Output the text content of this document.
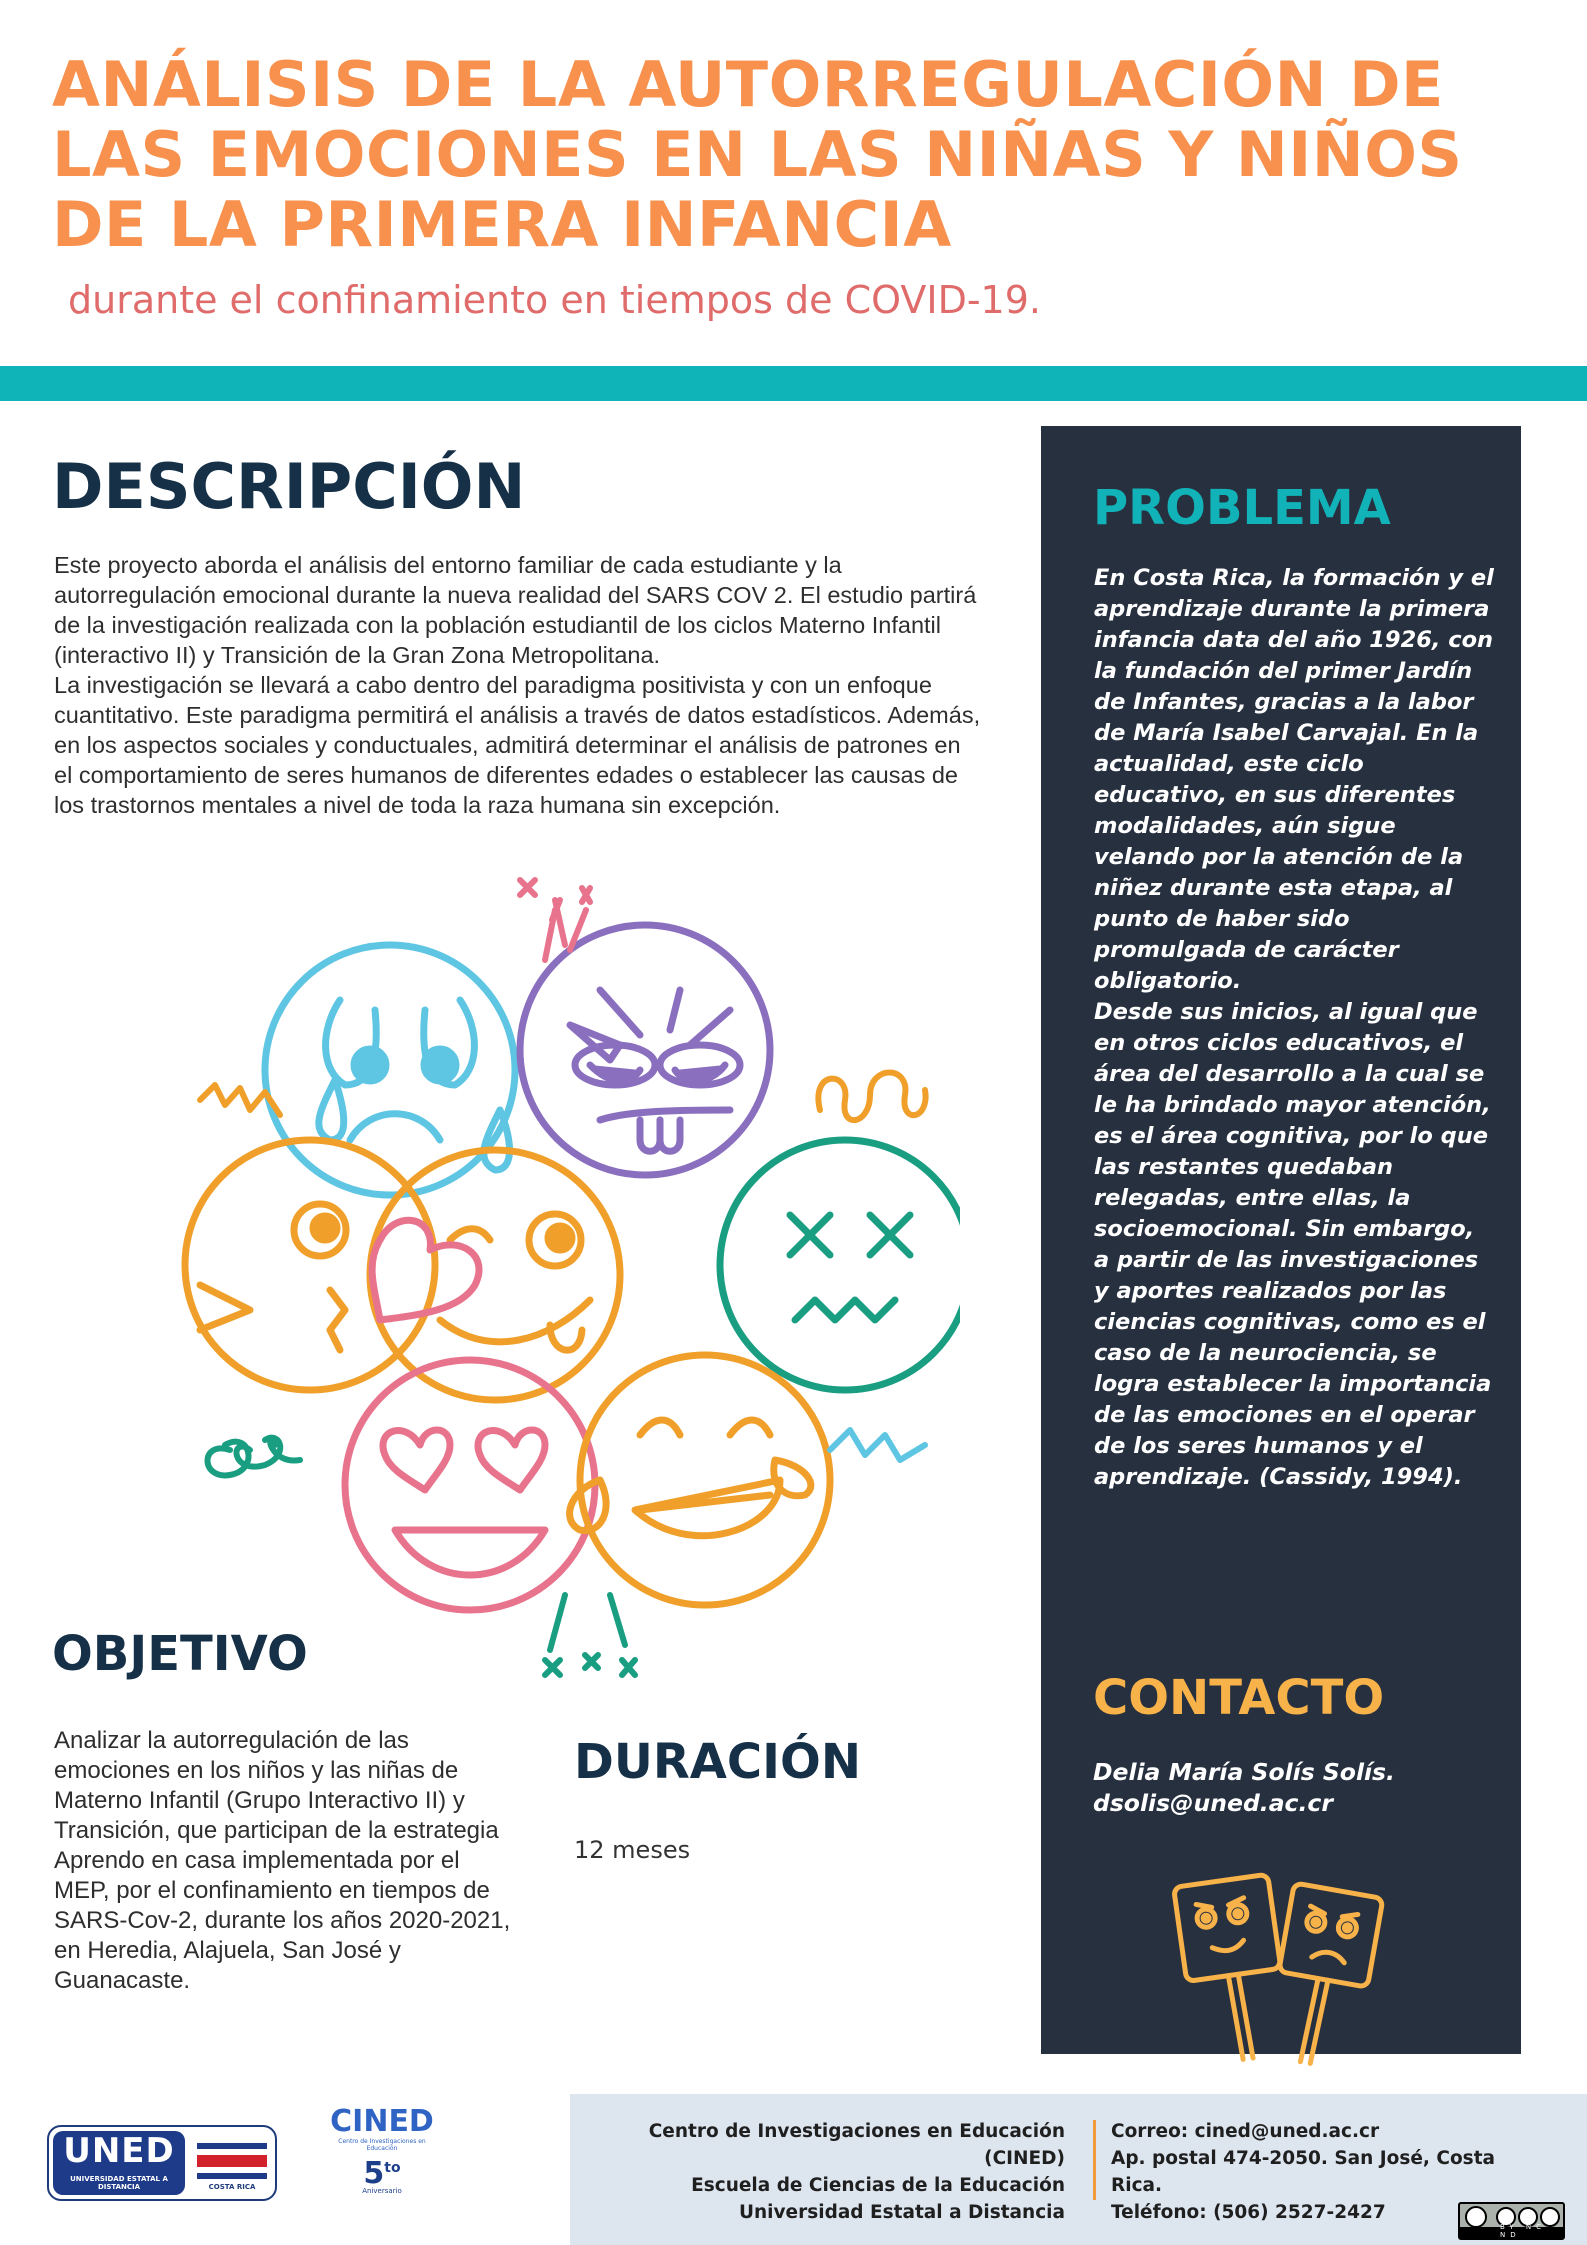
ANÁLISIS DE LA AUTORREGULACIÓN DE LAS EMOCIONES EN LAS NIÑAS Y NIÑOS DE LA PRIMERA INFANCIA
durante el confinamiento en tiempos de COVID-19.
DESCRIPCIÓN

Este proyecto aborda el análisis del entorno familiar de cada estudiante y la autorregulación emocional durante la nueva realidad del SARS COV 2. El estudio partirá de la investigación realizada con la población estudiantil de los ciclos Materno Infantil (interactivo II) y Transición de la Gran Zona Metropolitana.

La investigación se llevará a cabo dentro del paradigma positivista y con un enfoque cuantitativo. Este paradigma permitirá el análisis a través de datos estadísticos. Además, en los aspectos sociales y conductuales, admitirá determinar el análisis de patrones en el comportamiento de seres humanos de diferentes edades o establecer las causas de los trastornos mentales a nivel de toda la raza humana sin excepción.

OBJETIVO

Analizar la autorregulación de las emociones en los niños y las niñas de Materno Infantil (Grupo Interactivo II) y Transición, que participan de la estrategia Aprendo en casa implementada por el MEP, por el confinamiento en tiempos de SARS-Cov-2, durante los años 2020-2021, en Heredia, Alajuela, San José y Guanacaste.

DURACIÓN
12 meses
PROBLEMA

En Costa Rica, la formación y el aprendizaje durante la primera infancia data del año 1926, con la fundación del primer Jardín de Infantes, gracias a la labor de María Isabel Carvajal. En la actualidad, este ciclo educativo, en sus diferentes modalidades, aún sigue velando por la atención de la niñez durante esta etapa, al punto de haber sido promulgada de carácter obligatorio.

Desde sus inicios, al igual que en otros ciclos educativos, el área del desarrollo a la cual se le ha brindado mayor atención, es el área cognitiva, por lo que las restantes quedaban relegadas, entre ellas, la socioemocional. Sin embargo, a partir de las investigaciones y aportes realizados por las ciencias cognitivas, como es el caso de la neurociencia, se logra establecer la importancia de las emociones en el operar de los seres humanos y el aprendizaje. (Cassidy, 1994).

CONTACTO
Delia María Solís Solís.
dsolis@uned.ac.cr
UNED
UNIVERSIDAD ESTATAL A DISTANCIA	COSTA RICA
CINED
Centro de Investigaciones en Educación
$5^{to}$
Aniversario
Centro de Investigaciones en Educación (CINED)
Escuela de Ciencias de la Educación
Universidad Estatal a Distancia
Correo: cined@uned.ac.cr
Ap. postal 474-2050. San José, Costa Rica.
Teléfono: (506) 2527-2427
BY NC ND
